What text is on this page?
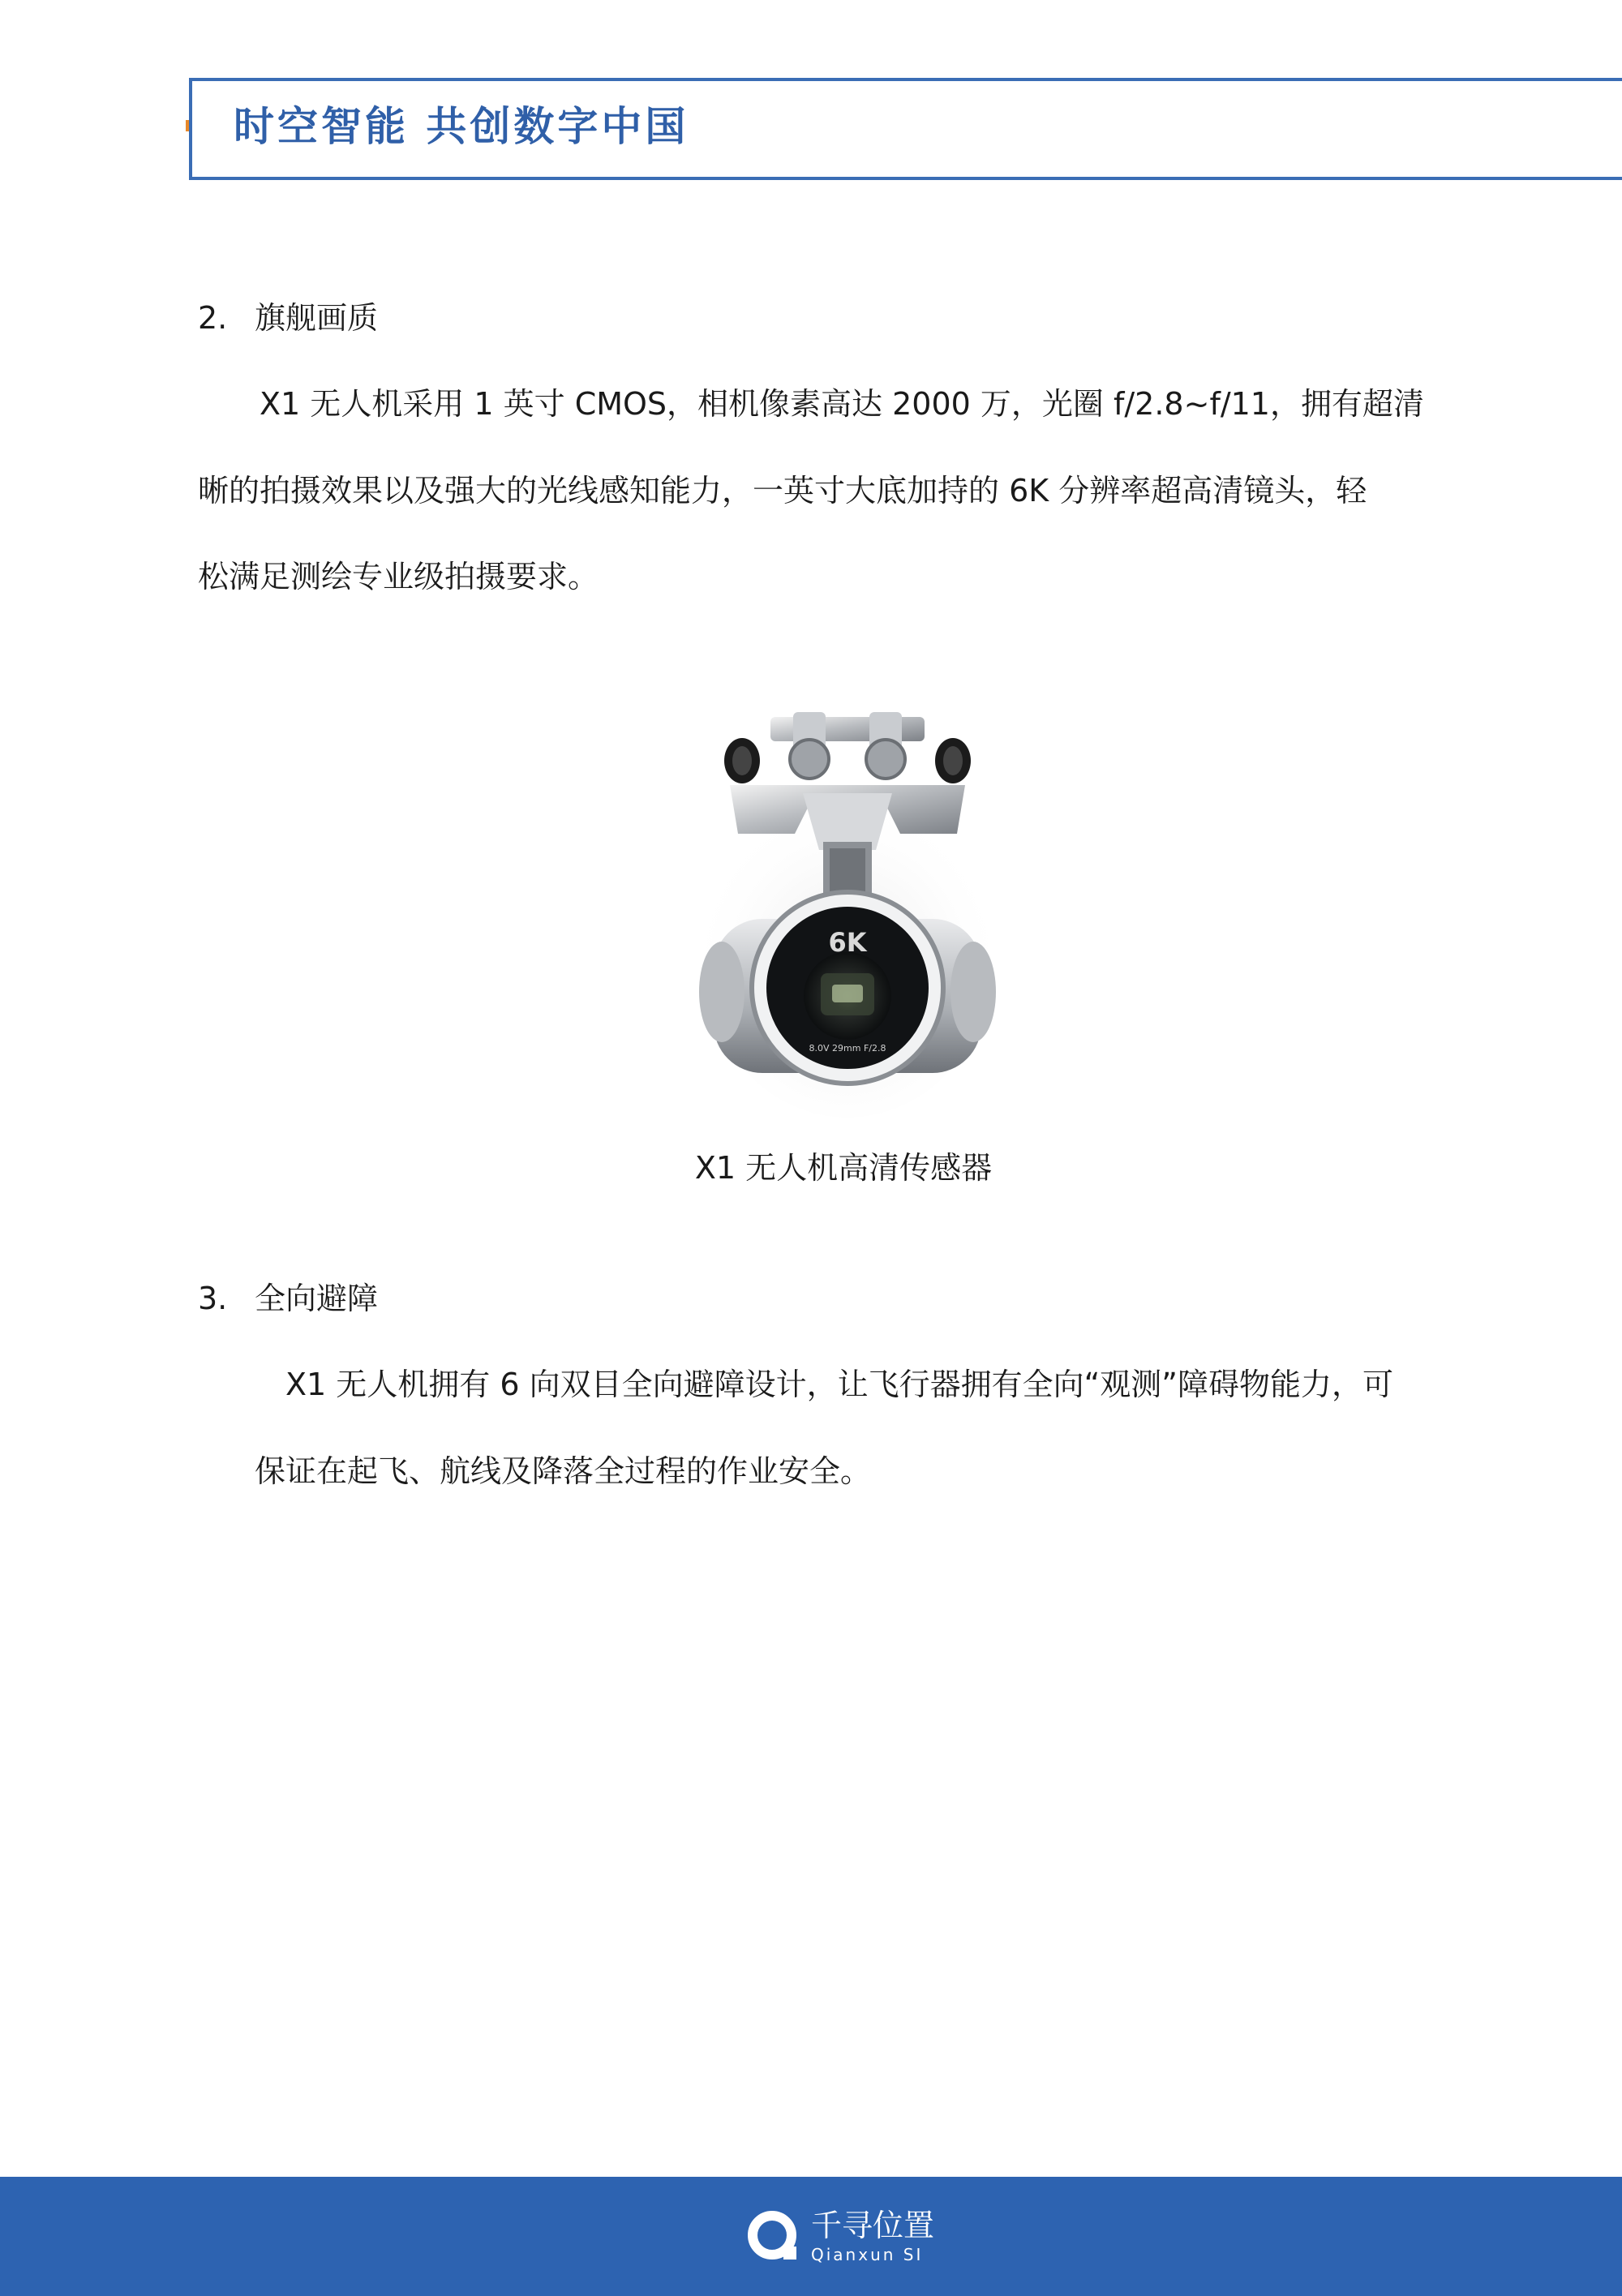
时空智能 共创数字中国
2. 旗舰画质
X1 无人机采用 1 英寸 CMOS，相机像素高达 2000 万，光圈 f/2.8~f/11，拥有超清
晰的拍摄效果以及强大的光线感知能力，一英寸大底加持的 6K 分辨率超高清镜头，轻
松满足测绘专业级拍摄要求。
6K
8.0V 29mm F/2.8
X1 无人机高清传感器
3. 全向避障
X1 无人机拥有 6 向双目全向避障设计，让飞行器拥有全向“观测”障碍物能力，可
保证在起飞、航线及降落全过程的作业安全。
千寻位置
Qianxun SI
